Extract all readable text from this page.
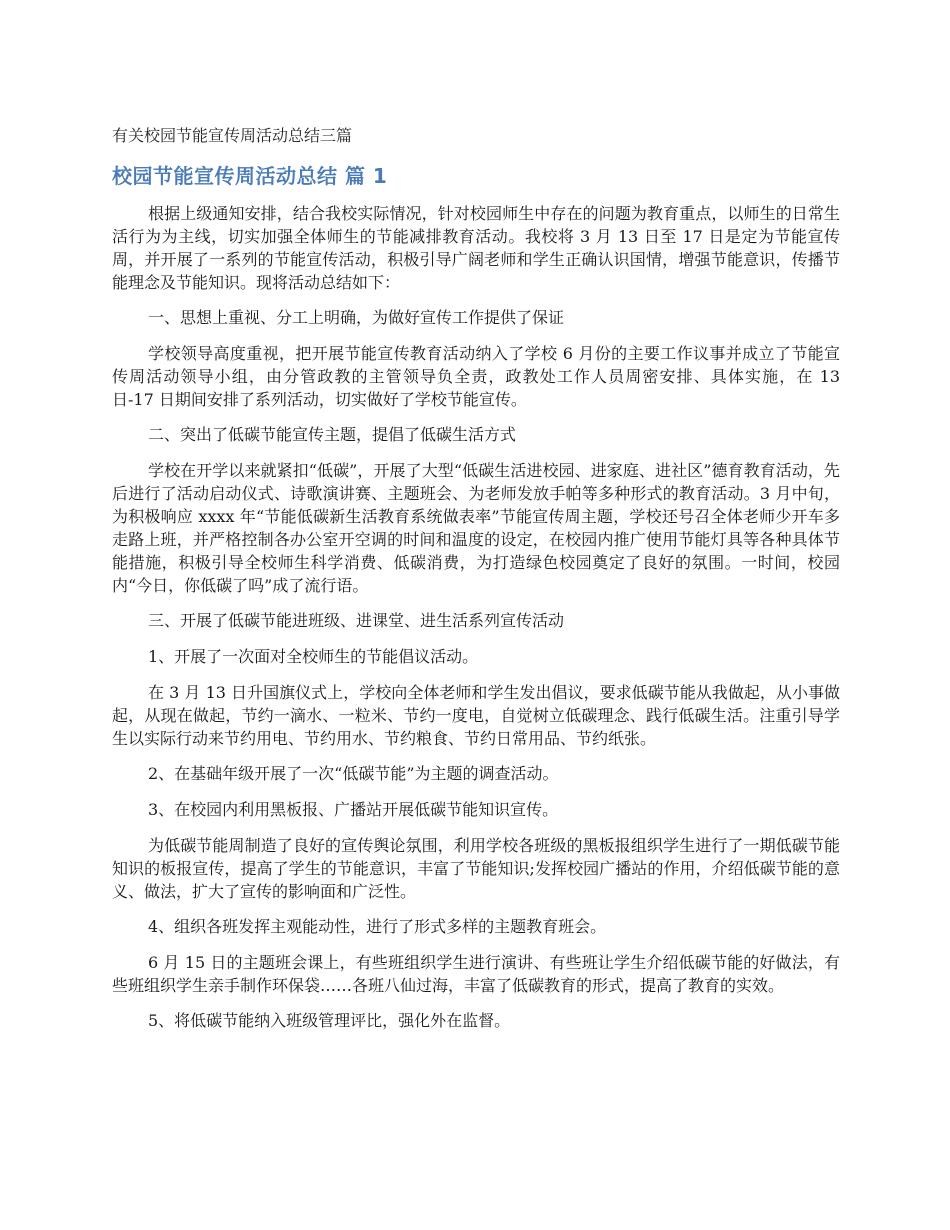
有关校园节能宣传周活动总结三篇
校园节能宣传周活动总结 篇 1

根据上级通知安排，结合我校实际情况，针对校园师生中存在的问题为教育重点，以师生的日常生活行为为主线，切实加强全体师生的节能减排教育活动。我校将 3 月 13 日至 17 日是定为节能宣传周，并开展了一系列的节能宣传活动，积极引导广阔老师和学生正确认识国情，增强节能意识，传播节能理念及节能知识。现将活动总结如下：

一、思想上重视、分工上明确，为做好宣传工作提供了保证

学校领导高度重视，把开展节能宣传教育活动纳入了学校 6 月份的主要工作议事并成立了节能宣传周活动领导小组，由分管政教的主管领导负全责，政教处工作人员周密安排、具体实施，在 13 日-17 日期间安排了系列活动，切实做好了学校节能宣传。

二、突出了低碳节能宣传主题，提倡了低碳生活方式

学校在开学以来就紧扣“低碳”，开展了大型“低碳生活进校园、进家庭、进社区”德育教育活动，先后进行了活动启动仪式、诗歌演讲赛、主题班会、为老师发放手帕等多种形式的教育活动。3 月中旬，为积极响应 xxxx 年“节能低碳新生活教育系统做表率”节能宣传周主题，学校还号召全体老师少开车多走路上班，并严格控制各办公室开空调的时间和温度的设定，在校园内推广使用节能灯具等各种具体节能措施，积极引导全校师生科学消费、低碳消费，为打造绿色校园奠定了良好的氛围。一时间，校园内“今日，你低碳了吗”成了流行语。

三、开展了低碳节能进班级、进课堂、进生活系列宣传活动

1、开展了一次面对全校师生的节能倡议活动。

在 3 月 13 日升国旗仪式上，学校向全体老师和学生发出倡议，要求低碳节能从我做起，从小事做起，从现在做起，节约一滴水、一粒米、节约一度电，自觉树立低碳理念、践行低碳生活。注重引导学生以实际行动来节约用电、节约用水、节约粮食、节约日常用品、节约纸张。

2、在基础年级开展了一次“低碳节能”为主题的调查活动。

3、在校园内利用黑板报、广播站开展低碳节能知识宣传。

为低碳节能周制造了良好的宣传舆论氛围，利用学校各班级的黑板报组织学生进行了一期低碳节能知识的板报宣传，提高了学生的节能意识，丰富了节能知识;发挥校园广播站的作用，介绍低碳节能的意义、做法，扩大了宣传的影响面和广泛性。

4、组织各班发挥主观能动性，进行了形式多样的主题教育班会。

6 月 15 日的主题班会课上，有些班组织学生进行演讲、有些班让学生介绍低碳节能的好做法，有些班组织学生亲手制作环保袋……各班八仙过海，丰富了低碳教育的形式，提高了教育的实效。

5、将低碳节能纳入班级管理评比，强化外在监督。
